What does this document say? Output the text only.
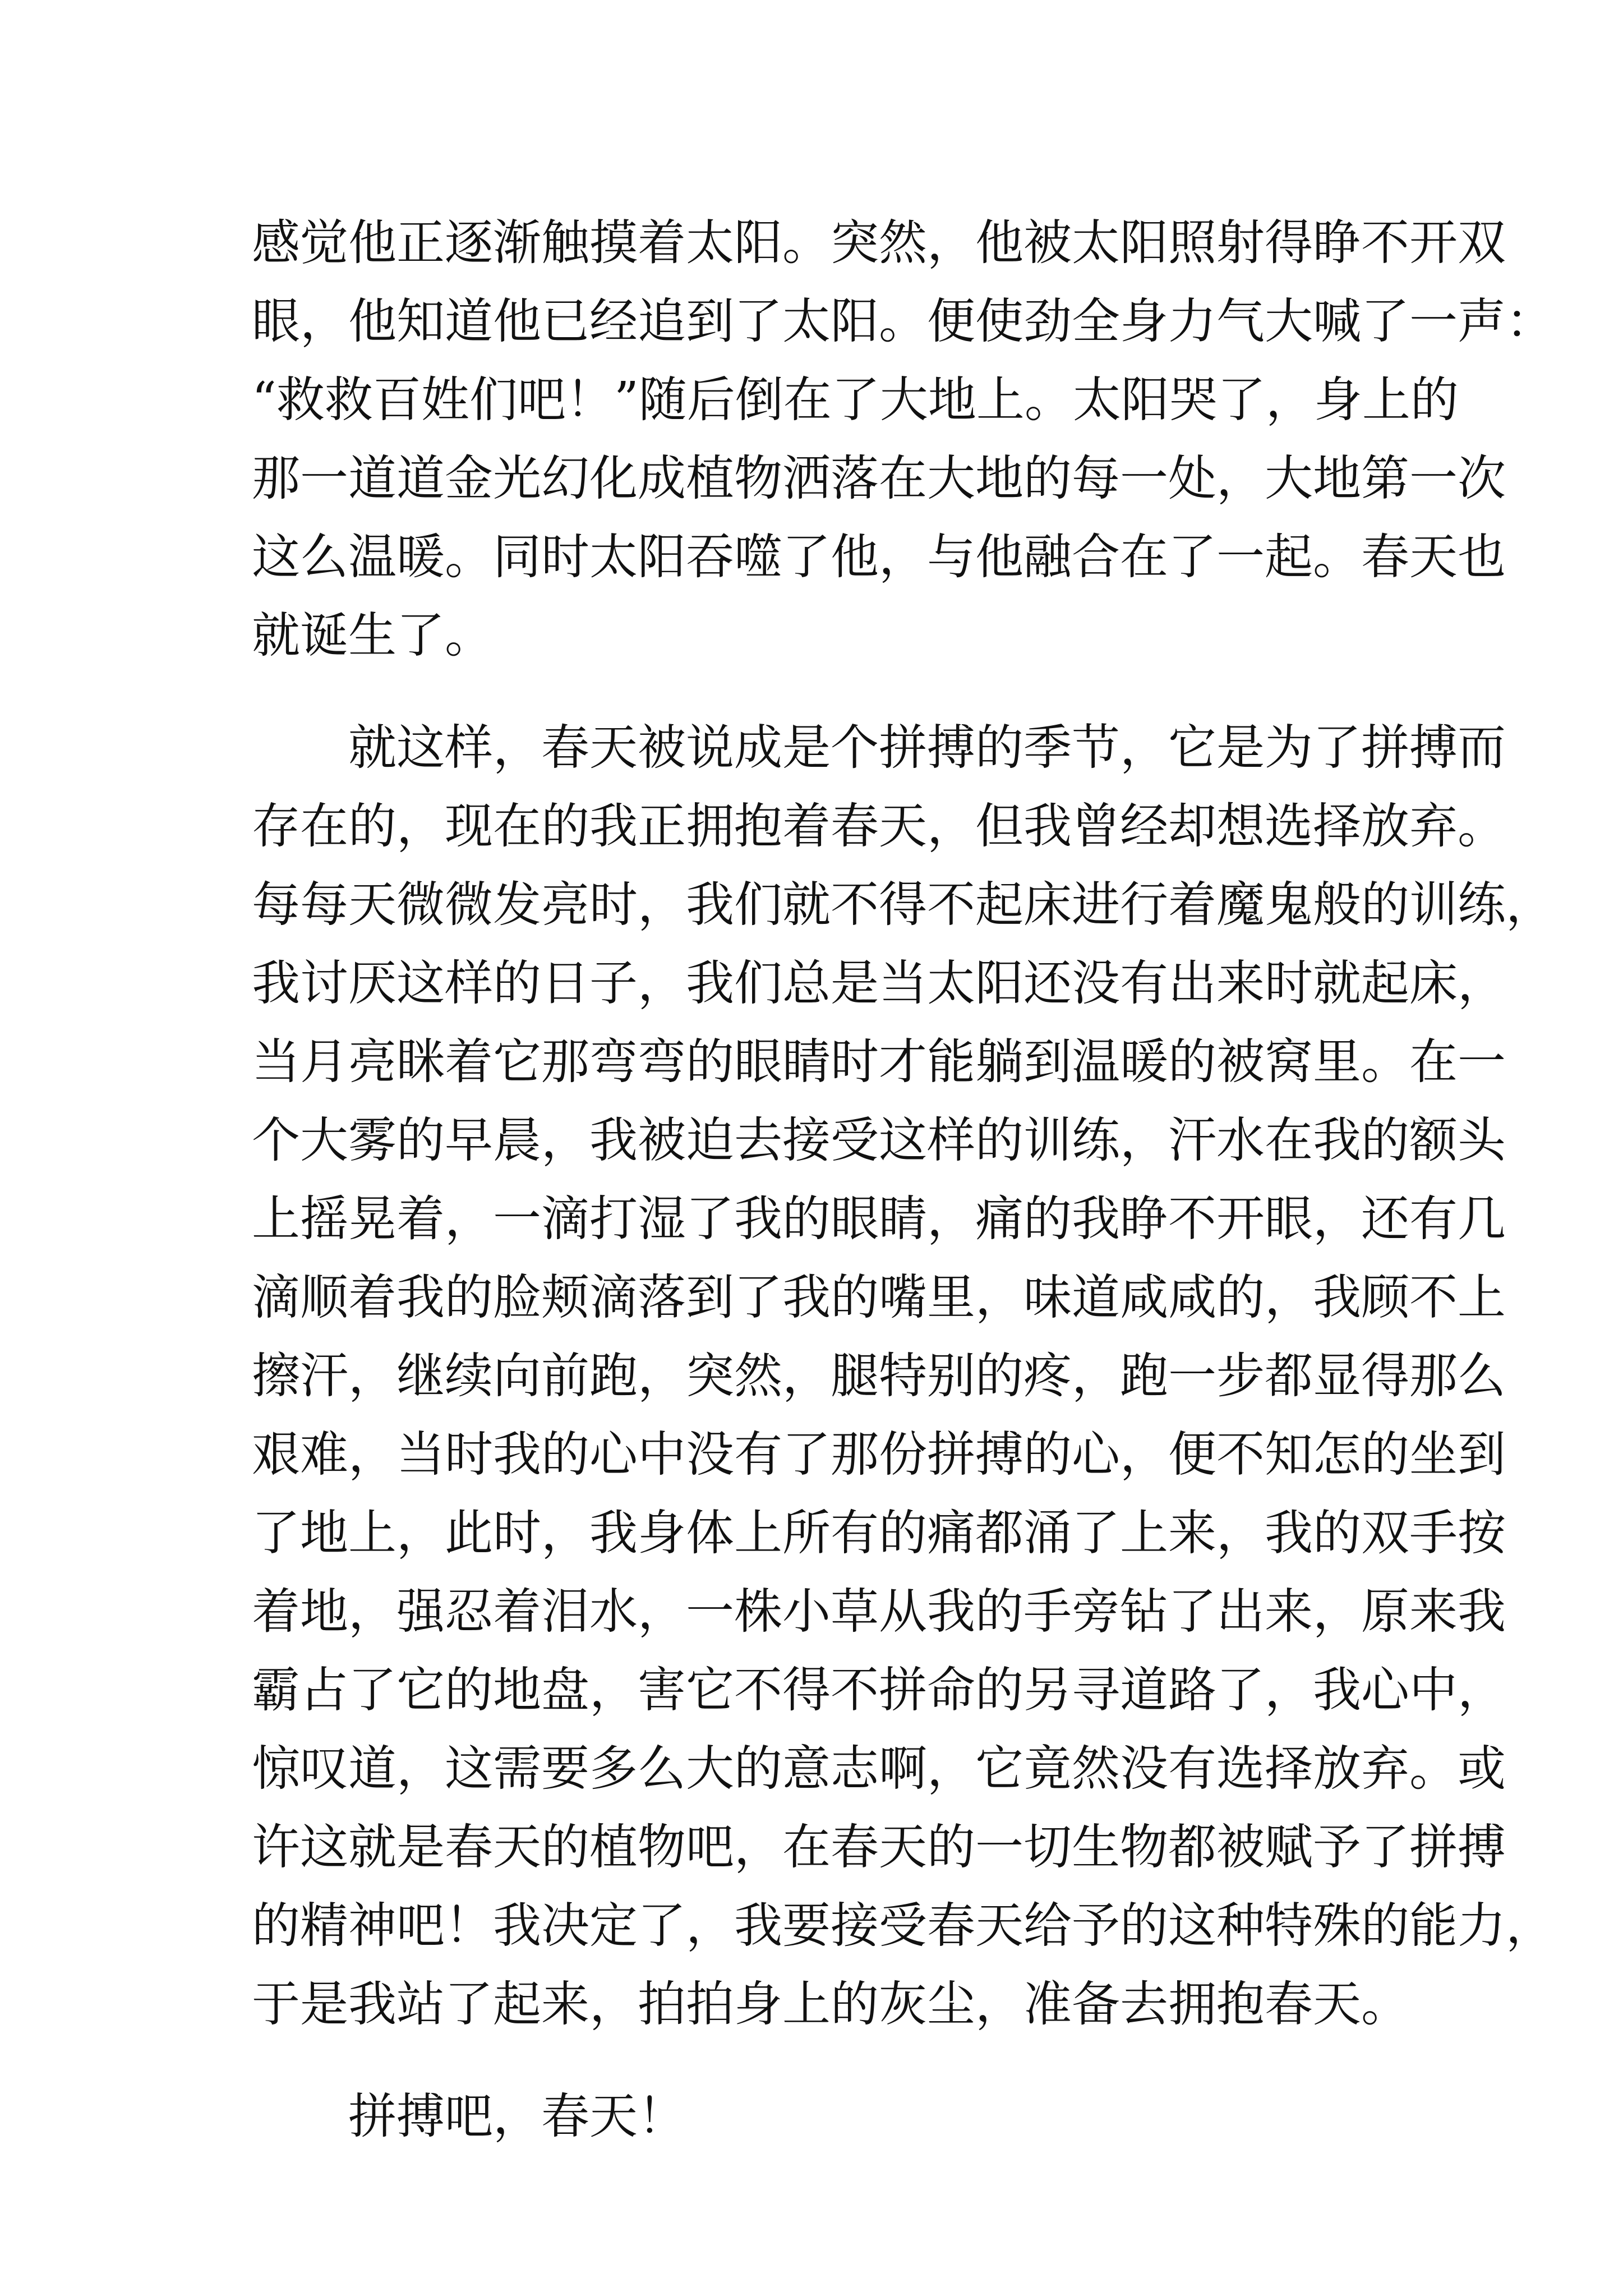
感觉他正逐渐触摸着太阳。突然，他被太阳照射得睁不开双
眼，他知道他已经追到了太阳。便使劲全身力气大喊了一声：
“救救百姓们吧！”随后倒在了大地上。太阳哭了，身上的
那一道道金光幻化成植物洒落在大地的每一处，大地第一次
这么温暖。同时太阳吞噬了他，与他融合在了一起。春天也
就诞生了。
　　就这样，春天被说成是个拼搏的季节，它是为了拼搏而
存在的，现在的我正拥抱着春天，但我曾经却想选择放弃。
每每天微微发亮时，我们就不得不起床进行着魔鬼般的训练，
我讨厌这样的日子，我们总是当太阳还没有出来时就起床，
当月亮眯着它那弯弯的眼睛时才能躺到温暖的被窝里。在一
个大雾的早晨，我被迫去接受这样的训练，汗水在我的额头
上摇晃着，一滴打湿了我的眼睛，痛的我睁不开眼，还有几
滴顺着我的脸颊滴落到了我的嘴里，味道咸咸的，我顾不上
擦汗，继续向前跑，突然，腿特别的疼，跑一步都显得那么
艰难，当时我的心中没有了那份拼搏的心，便不知怎的坐到
了地上，此时，我身体上所有的痛都涌了上来，我的双手按
着地，强忍着泪水，一株小草从我的手旁钻了出来，原来我
霸占了它的地盘，害它不得不拼命的另寻道路了，我心中，
惊叹道，这需要多么大的意志啊，它竟然没有选择放弃。或
许这就是春天的植物吧，在春天的一切生物都被赋予了拼搏
的精神吧！我决定了，我要接受春天给予的这种特殊的能力，
于是我站了起来，拍拍身上的灰尘，准备去拥抱春天。
　　拼搏吧，春天！
